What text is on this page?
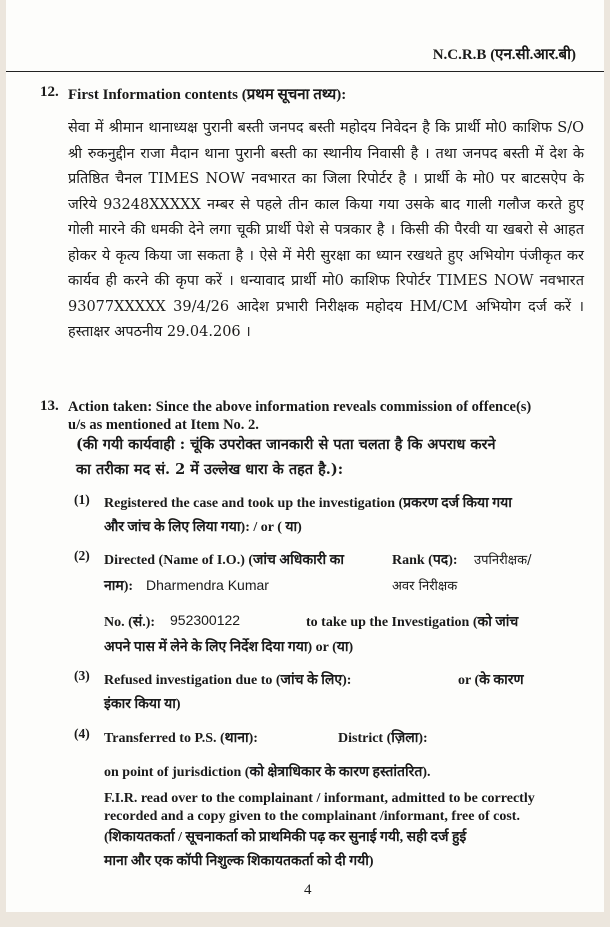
N.C.R.B (एन.सी.आर.बी)
12. First Information contents (प्रथम सूचना तथ्य):

सेवा में श्रीमान थानाध्यक्ष पुरानी बस्ती जनपद बस्ती महोदय निवेदन है कि प्रार्थी मो0 काशिफ S/O श्री रुकनुद्दीन राजा मैदान थाना पुरानी बस्ती का स्थानीय निवासी है । तथा जनपद बस्ती में देश के प्रतिष्ठित चैनल TIMES NOW नवभारत का जिला रिपोर्टर है । प्रार्थी के मो0 पर बाटसऐप के जरिये 93248XXXXX नम्बर से पहले तीन काल किया गया उसके बाद गाली गलौज करते हुए गोली मारने की धमकी देने लगा चूकी प्रार्थी पेशे से पत्रकार है । किसी की पैरवी या खबरो से आहत होकर ये कृत्य किया जा सकता है । ऐसे में मेरी सुरक्षा का ध्यान रखथते हुए अभियोग पंजीकृत कर कार्यव ही करने की कृपा करें । धन्यावाद प्रार्थी मो0 काशिफ रिपोर्टर TIMES NOW नवभारत 93077XXXXX 39/4/26 आदेश प्रभारी निरीक्षक महोदय HM/CM अभियोग दर्ज करें । हस्ताक्षर अपठनीय 29.04.206 ।

13. Action taken: Since the above information reveals commission of offence(s)
u/s as mentioned at Item No. 2.
(की गयी कार्यवाही : चूंकि उपरोक्त जानकारी से पता चलता है कि अपराध करने
का तरीका मद सं. 2 में उल्लेख धारा के तहत है.):
(1) Registered the case and took up the investigation (प्रकरण दर्ज किया गया
और जांच के लिए लिया गया): / or ( या)
(2) Directed (Name of I.O.) (जांच अधिकारी का
नाम): Dharmendra Kumar
Rank (पद): उपनिरीक्षक/
अवर निरीक्षक
No. (सं.): 952300122	to take up the Investigation (को जांच
अपने पास में लेने के लिए निर्देश दिया गया) or (या)
(3) Refused investigation due to (जांच के लिए):	or (के कारण
इंकार किया या)
(4) Transferred to P.S. (थाना):	District (ज़िला):
on point of jurisdiction (को क्षेत्राधिकार के कारण हस्तांतरित).
F.I.R. read over to the complainant / informant, admitted to be correctly
recorded and a copy given to the complainant /informant, free of cost.
(शिकायतकर्ता / सूचनाकर्ता को प्राथमिकी पढ़ कर सुनाई गयी, सही दर्ज हुई
माना और एक कॉपी निशुल्क शिकायतकर्ता को दी गयी)
4
